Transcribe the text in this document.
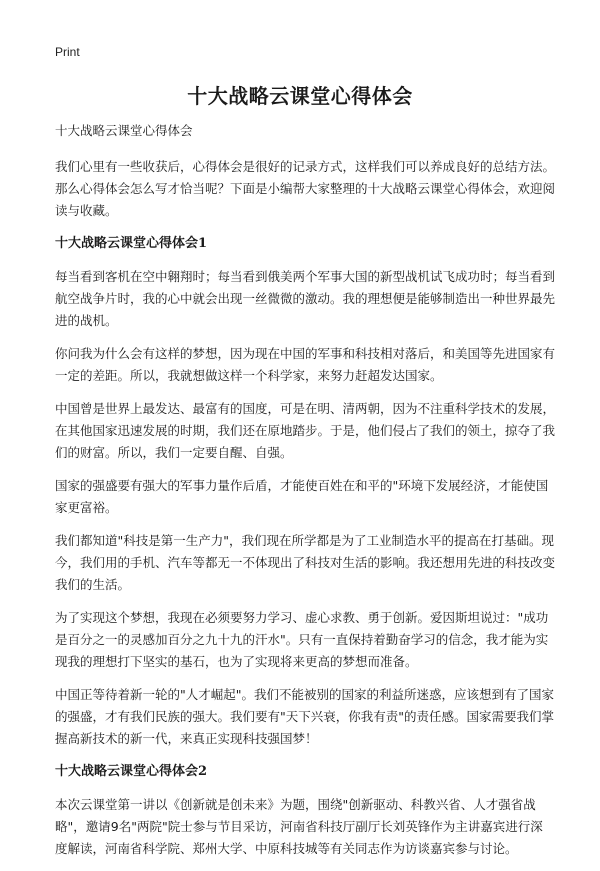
Print
十大战略云课堂心得体会

十大战略云课堂心得体会

我们心里有一些收获后，心得体会是很好的记录方式，这样我们可以养成良好的总结方法。那么心得体会怎么写才恰当呢？下面是小编帮大家整理的十大战略云课堂心得体会，欢迎阅读与收藏。

十大战略云课堂心得体会1

每当看到客机在空中翱翔时；每当看到俄美两个军事大国的新型战机试飞成功时；每当看到航空战争片时，我的心中就会出现一丝微微的激动。我的理想便是能够制造出一种世界最先进的战机。

你问我为什么会有这样的梦想，因为现在中国的军事和科技相对落后，和美国等先进国家有一定的差距。所以，我就想做这样一个科学家，来努力赶超发达国家。

中国曾是世界上最发达、最富有的国度，可是在明、清两朝，因为不注重科学技术的发展，在其他国家迅速发展的时期，我们还在原地踏步。于是，他们侵占了我们的领土，掠夺了我们的财富。所以，我们一定要自醒、自强。

国家的强盛要有强大的军事力量作后盾，才能使百姓在和平的"环境下发展经济，才能使国家更富裕。

我们都知道"科技是第一生产力"，我们现在所学都是为了工业制造水平的提高在打基础。现今，我们用的手机、汽车等都无一不体现出了科技对生活的影响。我还想用先进的科技改变我们的生活。

为了实现这个梦想，我现在必须要努力学习、虚心求教、勇于创新。爱因斯坦说过："成功是百分之一的灵感加百分之九十九的汗水"。只有一直保持着勤奋学习的信念，我才能为实现我的理想打下坚实的基石，也为了实现将来更高的梦想而准备。

中国正等待着新一轮的"人才崛起"。我们不能被别的国家的利益所迷惑，应该想到有了国家的强盛，才有我们民族的强大。我们要有"天下兴衰，你我有责"的责任感。国家需要我们掌握高新技术的新一代，来真正实现科技强国梦！

十大战略云课堂心得体会2

本次云课堂第一讲以《创新就是创未来》为题，围绕"创新驱动、科教兴省、人才强省战略"，邀请9名"两院"院士参与节目采访，河南省科技厅副厅长刘英锋作为主讲嘉宾进行深度解读，河南省科学院、郑州大学、中原科技城等有关同志作为访谈嘉宾参与讨论。
